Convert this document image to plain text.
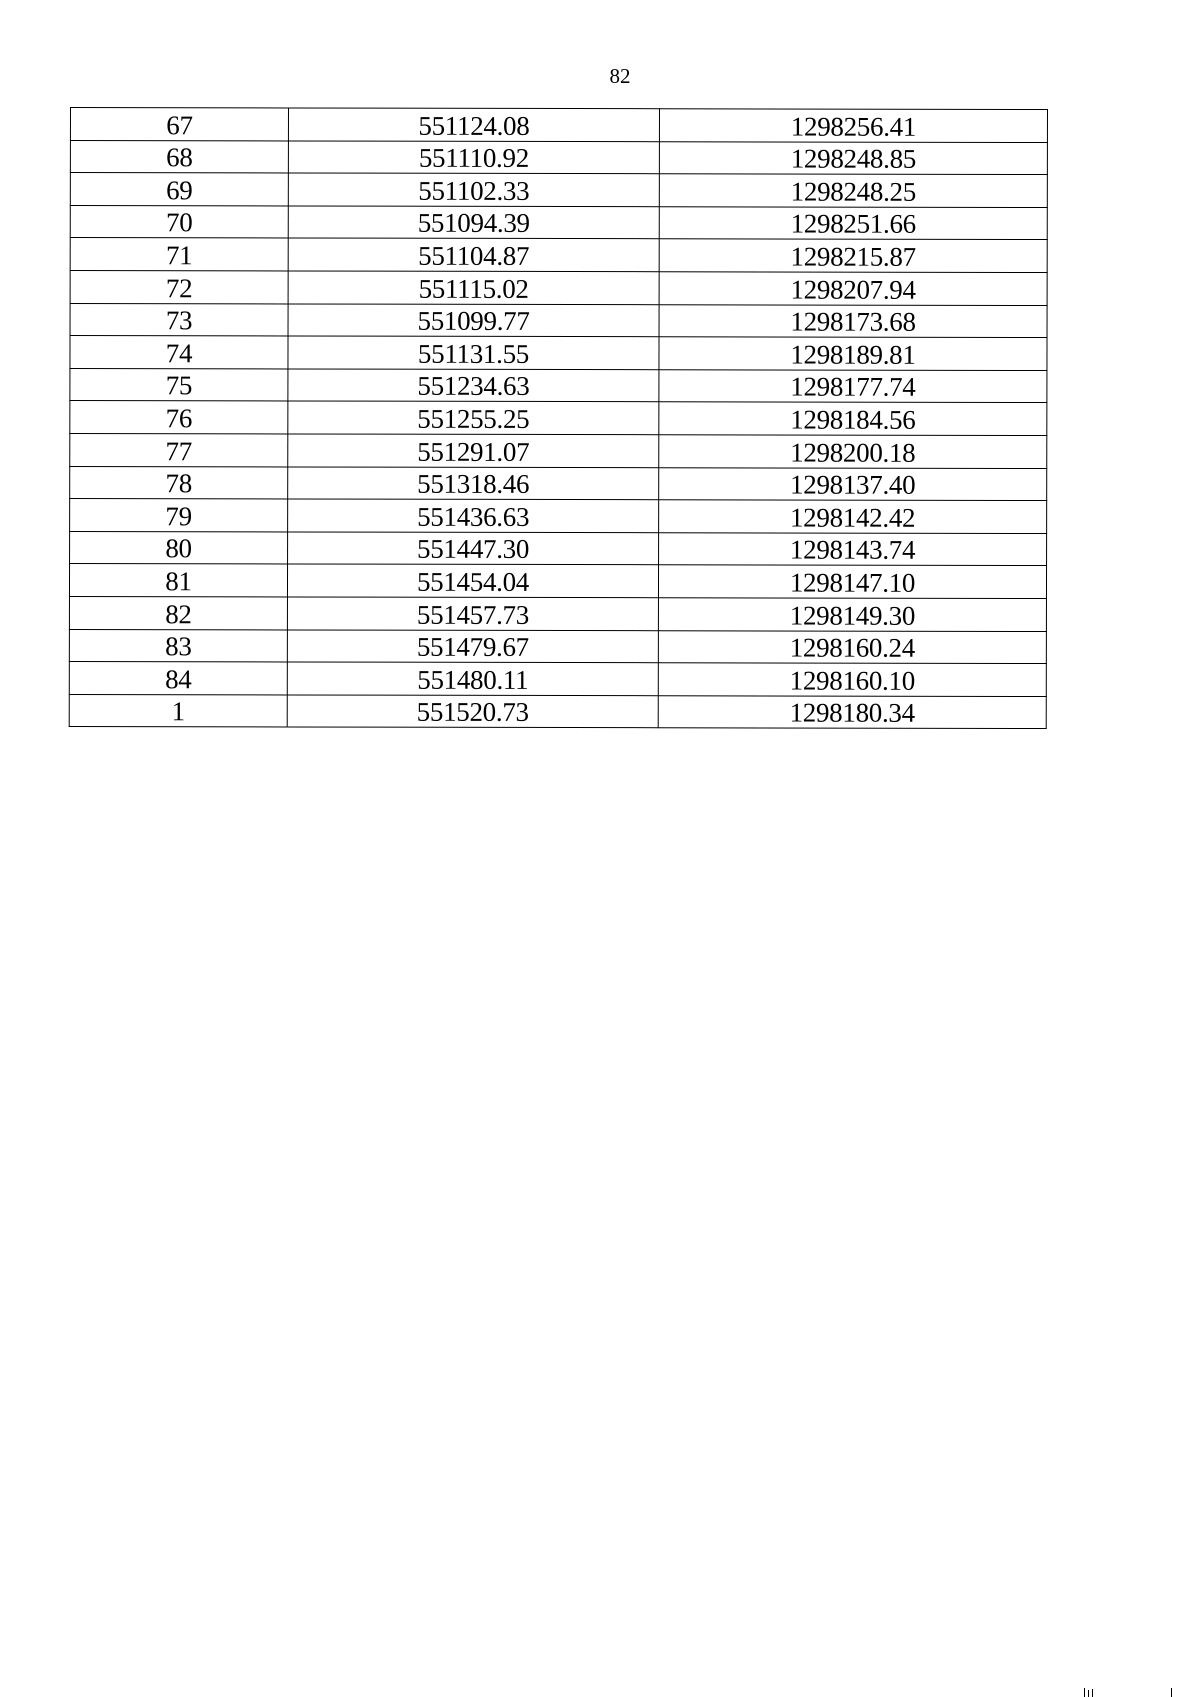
82
67	551124.08	1298256.41
68	551110.92	1298248.85
69	551102.33	1298248.25
70	551094.39	1298251.66
71	551104.87	1298215.87
72	551115.02	1298207.94
73	551099.77	1298173.68
74	551131.55	1298189.81
75	551234.63	1298177.74
76	551255.25	1298184.56
77	551291.07	1298200.18
78	551318.46	1298137.40
79	551436.63	1298142.42
80	551447.30	1298143.74
81	551454.04	1298147.10
82	551457.73	1298149.30
83	551479.67	1298160.24
84	551480.11	1298160.10
1	551520.73	1298180.34
